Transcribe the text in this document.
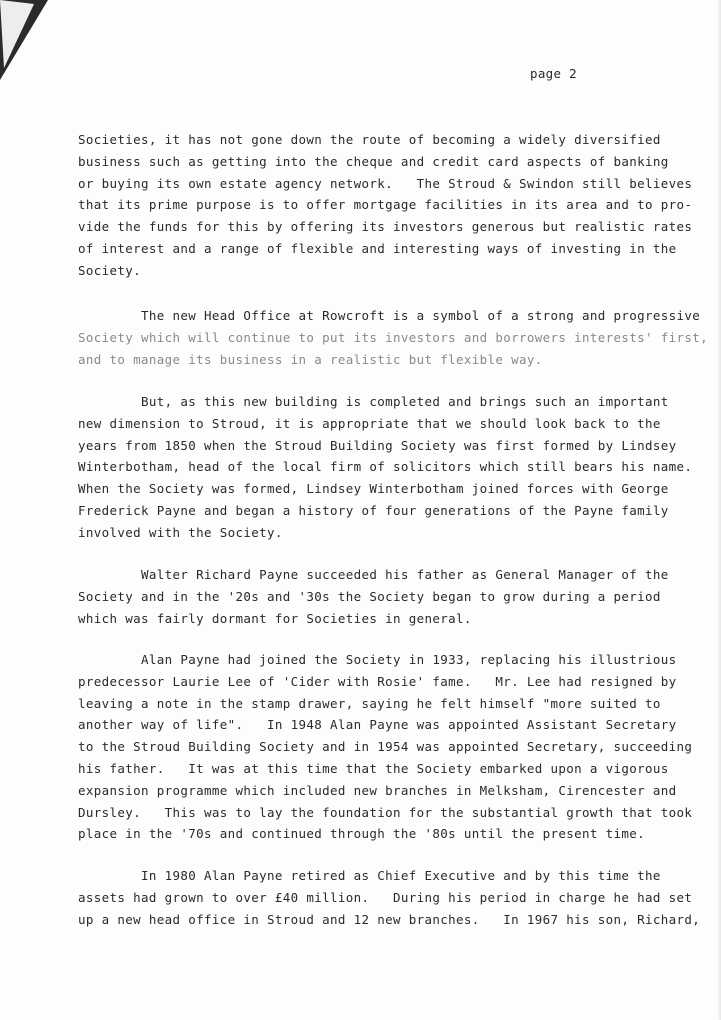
page 2
Societies, it has not gone down the route of becoming a widely diversified
business such as getting into the cheque and credit card aspects of banking
or buying its own estate agency network.   The Stroud & Swindon still believes
that its prime purpose is to offer mortgage facilities in its area and to pro-
vide the funds for this by offering its investors generous but realistic rates
of interest and a range of flexible and interesting ways of investing in the
Society.
The new Head Office at Rowcroft is a symbol of a strong and progressive
Society which will continue to put its investors and borrowers interests' first,
and to manage its business in a realistic but flexible way.
But, as this new building is completed and brings such an important
new dimension to Stroud, it is appropriate that we should look back to the
years from 1850 when the Stroud Building Society was first formed by Lindsey
Winterbotham, head of the local firm of solicitors which still bears his name.
When the Society was formed, Lindsey Winterbotham joined forces with George
Frederick Payne and began a history of four generations of the Payne family
involved with the Society.
Walter Richard Payne succeeded his father as General Manager of the
Society and in the '20s and '30s the Society began to grow during a period
which was fairly dormant for Societies in general.
Alan Payne had joined the Society in 1933, replacing his illustrious
predecessor Laurie Lee of 'Cider with Rosie' fame.   Mr. Lee had resigned by
leaving a note in the stamp drawer, saying he felt himself "more suited to
another way of life".   In 1948 Alan Payne was appointed Assistant Secretary
to the Stroud Building Society and in 1954 was appointed Secretary, succeeding
his father.   It was at this time that the Society embarked upon a vigorous
expansion programme which included new branches in Melksham, Cirencester and
Dursley.   This was to lay the foundation for the substantial growth that took
place in the '70s and continued through the '80s until the present time.
In 1980 Alan Payne retired as Chief Executive and by this time the
assets had grown to over £40 million.   During his period in charge he had set
up a new head office in Stroud and 12 new branches.   In 1967 his son, Richard,
